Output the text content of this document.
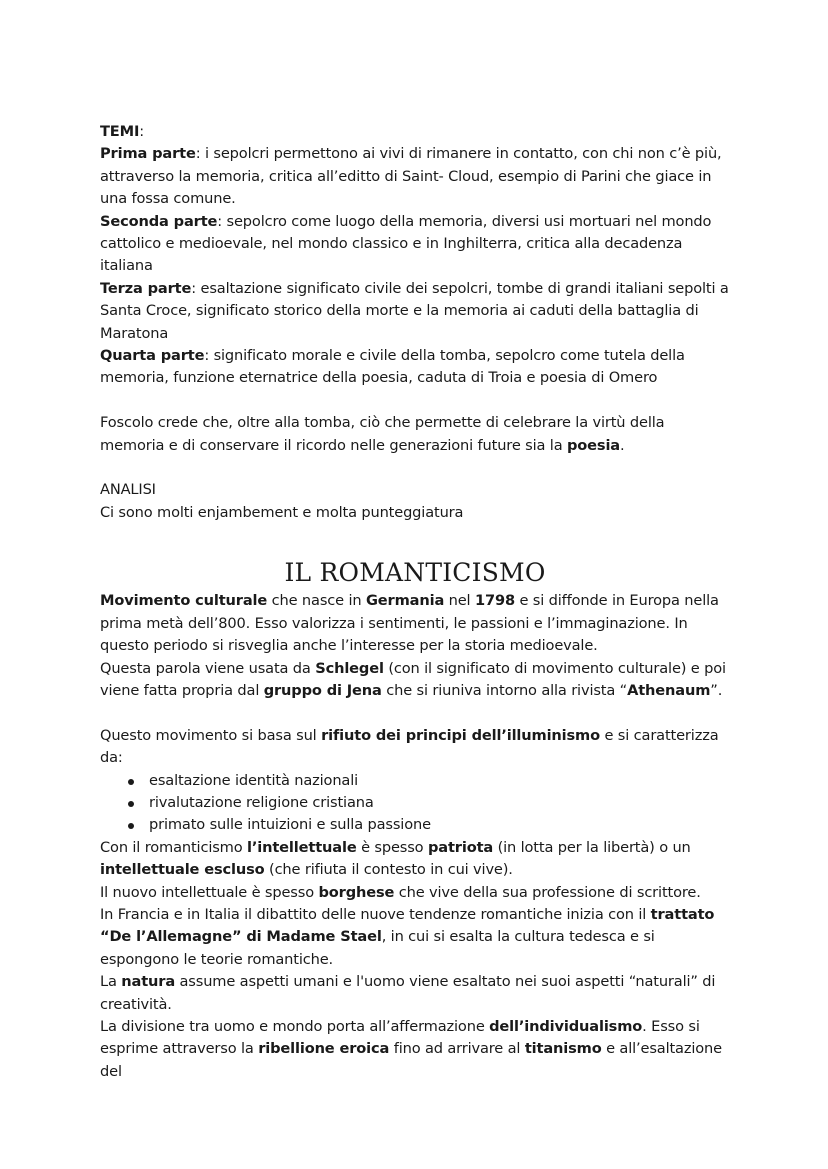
TEMI:

Prima parte: i sepolcri permettono ai vivi di rimanere in contatto, con chi non c’è più, attraverso la memoria, critica all’editto di Saint- Cloud, esempio di Parini che giace in una fossa comune.

Seconda parte: sepolcro come luogo della memoria, diversi usi mortuari nel mondo cattolico e medioevale, nel mondo classico e in Inghilterra, critica alla decadenza italiana

Terza parte: esaltazione significato civile dei sepolcri, tombe di grandi italiani sepolti a Santa Croce, significato storico della morte e la memoria ai caduti della battaglia di Maratona

Quarta parte: significato morale e civile della tomba, sepolcro come tutela della memoria, funzione eternatrice della poesia, caduta di Troia e poesia di Omero

Foscolo crede che, oltre alla tomba, ciò che permette di celebrare la virtù della memoria e di conservare il ricordo nelle generazioni future sia la poesia.

ANALISI

Ci sono molti enjambement e molta punteggiatura

IL ROMANTICISMO

Movimento culturale che nasce in Germania nel 1798 e si diffonde in Europa nella prima metà dell’800. Esso valorizza i sentimenti, le passioni e l’immaginazione. In questo periodo si risveglia anche l’interesse per la storia medioevale.

Questa parola viene usata da Schlegel (con il significato di movimento culturale) e poi viene fatta propria dal gruppo di Jena che si riuniva intorno alla rivista “Athenaum”.

Questo movimento si basa sul rifiuto dei principi dell’illuminismo e si caratterizza da:

esaltazione identità nazionali
rivalutazione religione cristiana
primato sulle intuizioni e sulla passione

Con il romanticismo l’intellettuale è spesso patriota (in lotta per la libertà) o un intellettuale escluso (che rifiuta il contesto in cui vive).

Il nuovo intellettuale è spesso borghese che vive della sua professione di scrittore.

In Francia e in Italia il dibattito delle nuove tendenze romantiche inizia con il trattato “De l’Allemagne” di Madame Stael, in cui si esalta la cultura tedesca e si espongono le teorie romantiche.

La natura assume aspetti umani e l'uomo viene esaltato nei suoi aspetti “naturali” di creatività.

La divisione tra uomo e mondo porta all’affermazione dell’individualismo. Esso si esprime attraverso la ribellione eroica fino ad arrivare al titanismo e all’esaltazione del
